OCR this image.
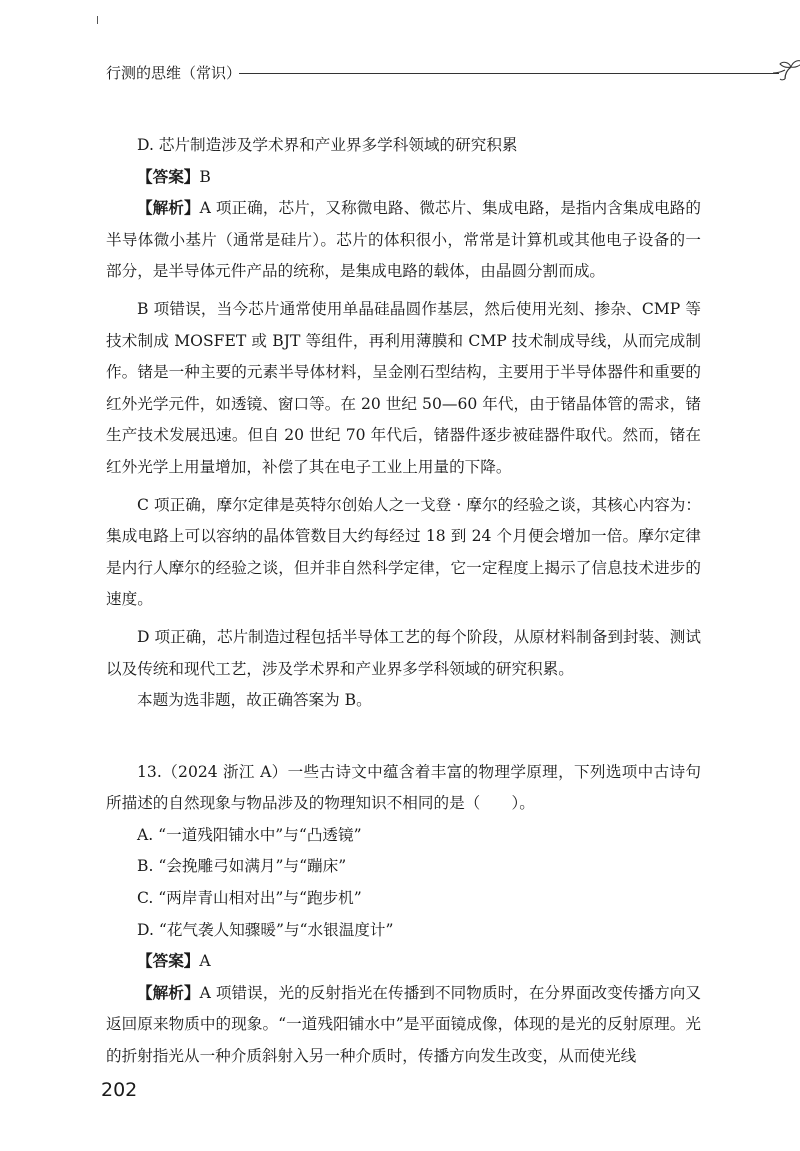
行测的思维（常识）

D. 芯片制造涉及学术界和产业界多学科领域的研究积累

【答案】B

【解析】A 项正确，芯片，又称微电路、微芯片、集成电路，是指内含集成电路的半导体微小基片（通常是硅片）。芯片的体积很小，常常是计算机或其他电子设备的一部分，是半导体元件产品的统称，是集成电路的载体，由晶圆分割而成。

B 项错误，当今芯片通常使用单晶硅晶圆作基层，然后使用光刻、掺杂、CMP 等技术制成 MOSFET 或 BJT 等组件，再利用薄膜和 CMP 技术制成导线，从而完成制作。锗是一种主要的元素半导体材料，呈金刚石型结构，主要用于半导体器件和重要的红外光学元件，如透镜、窗口等。在 20 世纪 50—60 年代，由于锗晶体管的需求，锗生产技术发展迅速。但自 20 世纪 70 年代后，锗器件逐步被硅器件取代。然而，锗在红外光学上用量增加，补偿了其在电子工业上用量的下降。

C 项正确，摩尔定律是英特尔创始人之一戈登 · 摩尔的经验之谈，其核心内容为：集成电路上可以容纳的晶体管数目大约每经过 18 到 24 个月便会增加一倍。摩尔定律是内行人摩尔的经验之谈，但并非自然科学定律，它一定程度上揭示了信息技术进步的速度。

D 项正确，芯片制造过程包括半导体工艺的每个阶段，从原材料制备到封装、测试以及传统和现代工艺，涉及学术界和产业界多学科领域的研究积累。

本题为选非题，故正确答案为 B。

13.（2024 浙江 A）一些古诗文中蕴含着丰富的物理学原理，下列选项中古诗句所描述的自然现象与物品涉及的物理知识不相同的是（　　）。

A. “一道残阳铺水中”与“凸透镜”

B. “会挽雕弓如满月”与“蹦床”

C. “两岸青山相对出”与“跑步机”

D. “花气袭人知骤暖”与“水银温度计”

【答案】A

【解析】A 项错误，光的反射指光在传播到不同物质时，在分界面改变传播方向又返回原来物质中的现象。“一道残阳铺水中”是平面镜成像，体现的是光的反射原理。光的折射指光从一种介质斜射入另一种介质时，传播方向发生改变，从而使光线

202
